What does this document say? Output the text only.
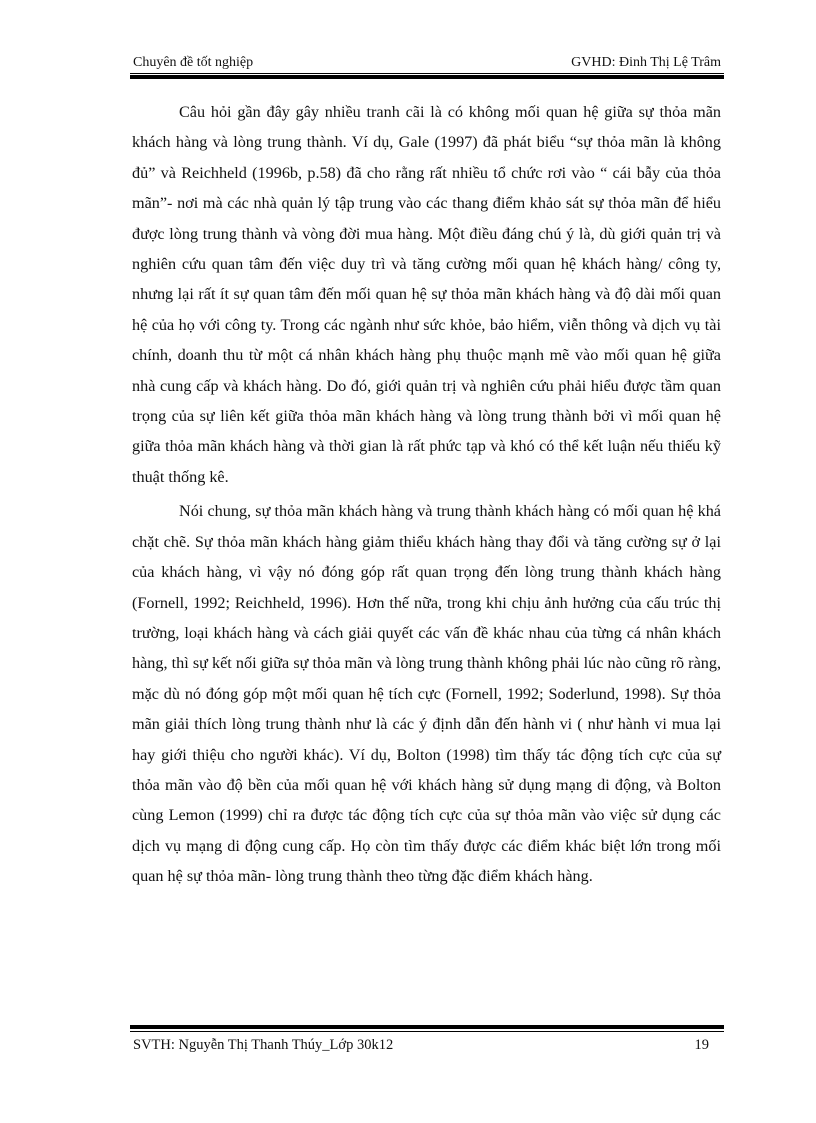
Chuyên đề tốt nghiệp	GVHD: Đinh Thị Lệ Trâm

Câu hỏi gần đây gây nhiều tranh cãi là có không mối quan hệ giữa sự thỏa mãn khách hàng và lòng trung thành. Ví dụ, Gale (1997) đã phát biểu “sự thỏa mãn là không đủ” và Reichheld (1996b, p.58) đã cho rằng rất nhiều tổ chức rơi vào “ cái bẫy của thỏa mãn”- nơi mà các nhà quản lý tập trung vào các thang điểm khảo sát sự thỏa mãn để hiểu được lòng trung thành và vòng đời mua hàng. Một điều đáng chú ý là, dù giới quản trị và nghiên cứu quan tâm đến việc duy trì và tăng cường mối quan hệ khách hàng/ công ty, nhưng lại rất ít sự quan tâm đến mối quan hệ sự thỏa mãn khách hàng và độ dài mối quan hệ của họ với công ty. Trong các ngành như sức khỏe, bảo hiểm, viễn thông và dịch vụ tài chính, doanh thu từ một cá nhân khách hàng phụ thuộc mạnh mẽ vào mối quan hệ giữa nhà cung cấp và khách hàng. Do đó, giới quản trị và nghiên cứu phải hiểu được tầm quan trọng của sự liên kết giữa thỏa mãn khách hàng và lòng trung thành bởi vì mối quan hệ giữa thỏa mãn khách hàng và thời gian là rất phức tạp và khó có thể kết luận nếu thiếu kỹ thuật thống kê.

Nói chung, sự thỏa mãn khách hàng và trung thành khách hàng có mối quan hệ khá chặt chẽ. Sự thỏa mãn khách hàng giảm thiểu khách hàng thay đổi và tăng cường sự ở lại của khách hàng, vì vậy nó đóng góp rất quan trọng đến lòng trung thành khách hàng (Fornell, 1992; Reichheld, 1996). Hơn thế nữa, trong khi chịu ảnh hưởng của cấu trúc thị trường, loại khách hàng và cách giải quyết các vấn đề khác nhau của từng cá nhân khách hàng, thì sự kết nối giữa sự thỏa mãn và lòng trung thành không phải lúc nào cũng rõ ràng, mặc dù nó đóng góp một mối quan hệ tích cực (Fornell, 1992; Soderlund, 1998). Sự thỏa mãn giải thích lòng trung thành như là các ý định dẫn đến hành vi ( như hành vi mua lại hay giới thiệu cho người khác). Ví dụ, Bolton (1998) tìm thấy tác động tích cực của sự thỏa mãn vào độ bền của mối quan hệ với khách hàng sử dụng mạng di động, và Bolton cùng Lemon (1999) chỉ ra được tác động tích cực của sự thỏa mãn vào việc sử dụng các dịch vụ mạng di động cung cấp. Họ còn tìm thấy được các điểm khác biệt lớn trong mối quan hệ sự thỏa mãn- lòng trung thành theo từng đặc điểm khách hàng.

SVTH: Nguyễn Thị Thanh Thúy_Lớp 30k12	19
